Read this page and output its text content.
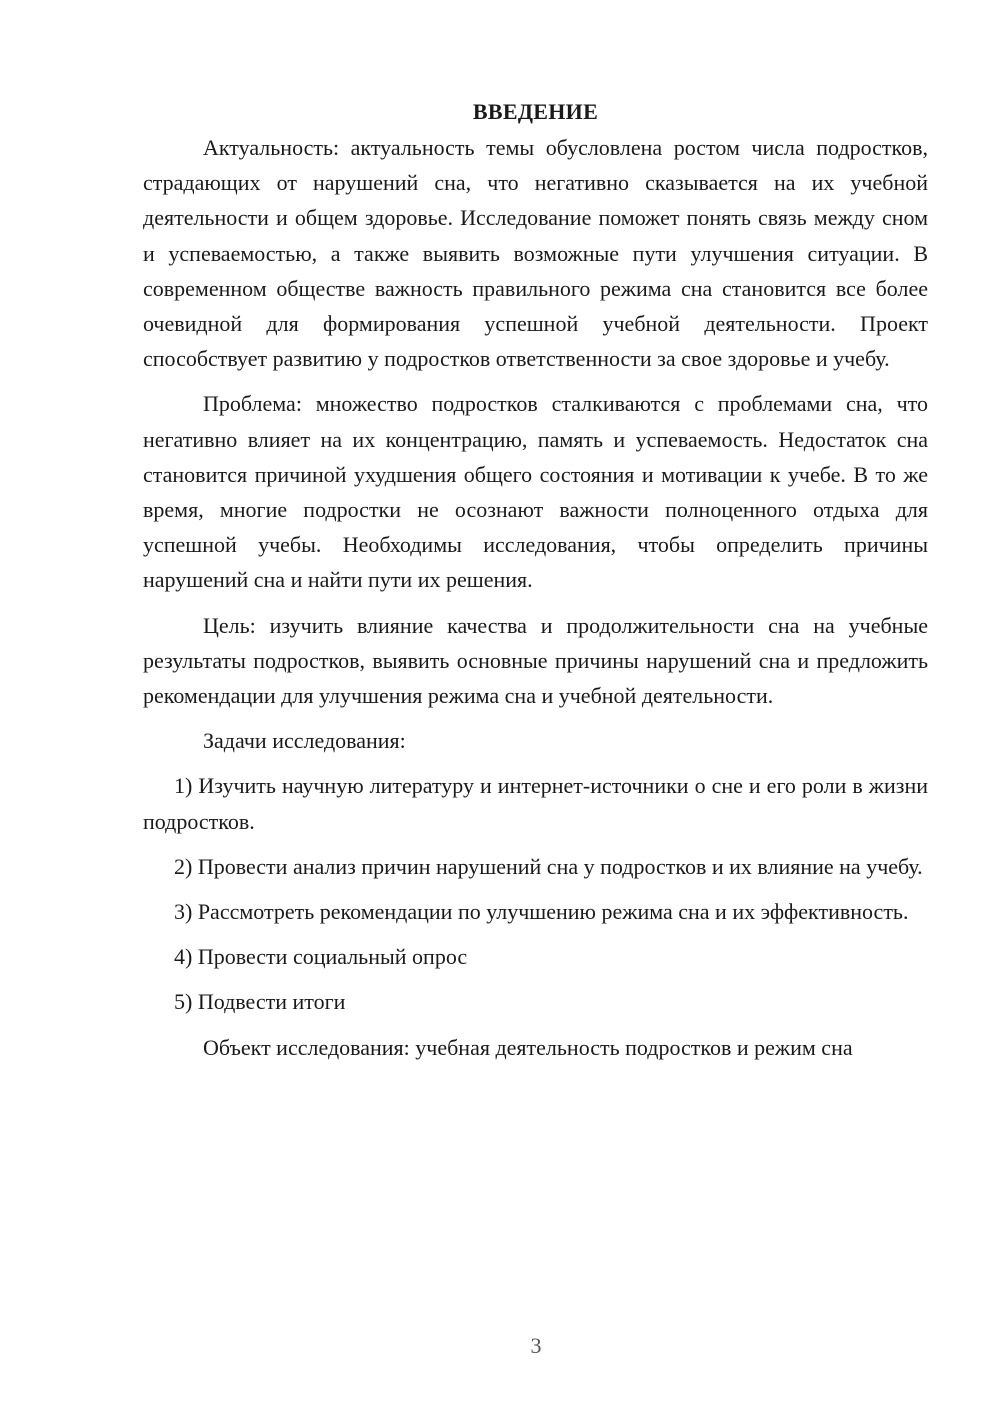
ВВЕДЕНИЕ

Актуальность: актуальность темы обусловлена ростом числа подростков, страдающих от нарушений сна, что негативно сказывается на их учебной деятельности и общем здоровье. Исследование поможет понять связь между сном и успеваемостью, а также выявить возможные пути улучшения ситуации. В современном обществе важность правильного режима сна становится все более очевидной для формирования успешной учебной деятельности. Проект способствует развитию у подростков ответственности за свое здоровье и учебу.

Проблема: множество подростков сталкиваются с проблемами сна, что негативно влияет на их концентрацию, память и успеваемость. Недостаток сна становится причиной ухудшения общего состояния и мотивации к учебе. В то же время, многие подростки не осознают важности полноценного отдыха для успешной учебы. Необходимы исследования, чтобы определить причины нарушений сна и найти пути их решения.

Цель: изучить влияние качества и продолжительности сна на учебные результаты подростков, выявить основные причины нарушений сна и предложить рекомендации для улучшения режима сна и учебной деятельности.

Задачи исследования:

1) Изучить научную литературу и интернет-источники о сне и его роли в жизни подростков.

2) Провести анализ причин нарушений сна у подростков и их влияние на учебу.

3) Рассмотреть рекомендации по улучшению режима сна и их эффективность.

4) Провести социальный опрос

5) Подвести итоги

Объект исследования: учебная деятельность подростков и режим сна

3
